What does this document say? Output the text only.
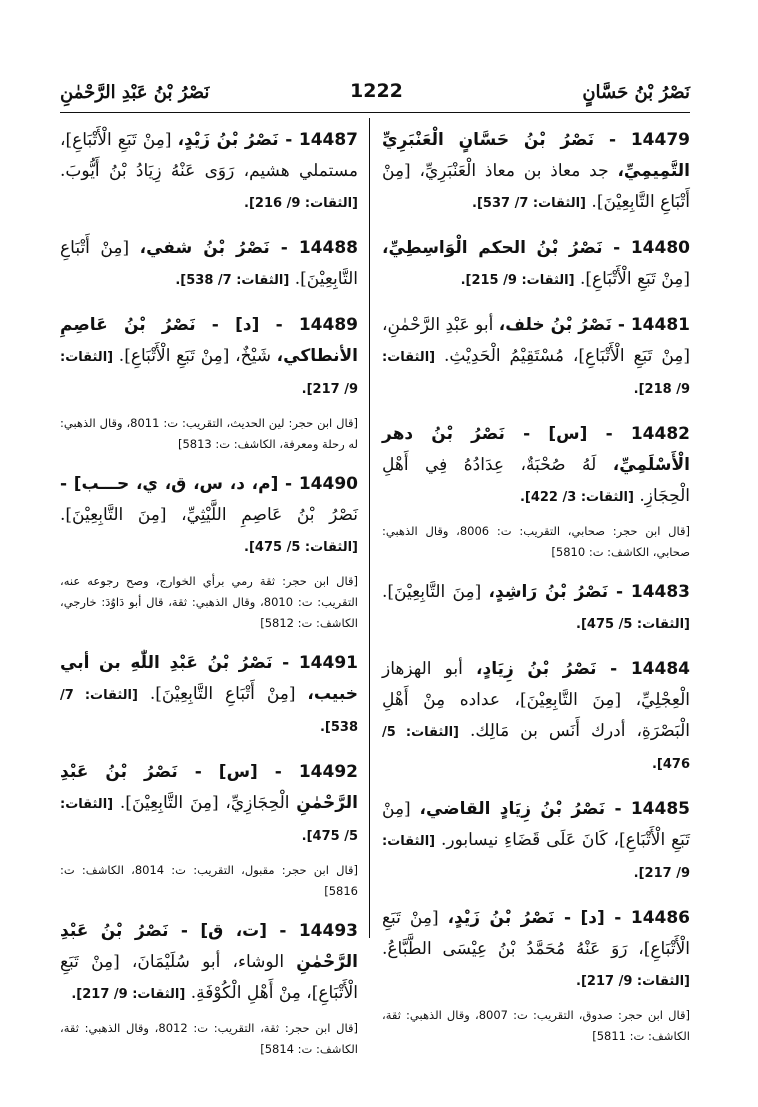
نَصْرُ بْنُ حَسَّانٍ
1222
نَصْرُ بْنُ عَبْدِ الرَّحْمٰنِ
14479 - نَصْرُ بْنُ حَسَّانٍ الْعَنْبَرِيِّ التَّمِيمِيِّ، جد معاذ بن معاذ الْعَنْبَرِيِّ، [مِنْ أَتْبَاعِ التَّابِعِيْنَ]. [الثقات: 7/ 537].
14480 - نَصْرُ بْنُ الحكم الْوَاسِطِيِّ، [مِنْ تَبَعِ الْأَتْبَاعِ]. [الثقات: 9/ 215].
14481 - نَصْرُ بْنُ خلف، أبو عَبْدِ الرَّحْمٰنِ، [مِنْ تَبَعِ الْأَتْبَاعِ]، مُسْتَقِيْمُ الْحَدِيْثِ. [الثقات: 9/ 218].
14482 - [س] - نَصْرُ بْنُ دهر الْأَسْلَمِيِّ، لَهُ صُحْبَةٌ، عِدَادُهُ فِي أَهْلِ الْحِجَازِ. [الثقات: 3/ 422].
[قال ابن حجر: صحابي، التقريب: ت: 8006، وقال الذهبي: صحابي، الكاشف: ت: 5810]
14483 - نَصْرُ بْنُ رَاشِدٍ، [مِنَ التَّابِعِيْنَ]. [الثقات: 5/ 475].
14484 - نَصْرُ بْنُ زِيَادٍ، أبو الهزهاز الْعِجْلِيِّ، [مِنَ التَّابِعِيْنَ]، عداده مِنْ أَهْلِ الْبَصْرَةِ، أدرك أَنَس بن مَالِك. [الثقات: 5/ 476].
14485 - نَصْرُ بْنُ زِيَادٍ القاضي، [مِنْ تَبَعِ الْأَتْبَاعِ]، كَانَ عَلَى قَضَاءِ نيسابور. [الثقات: 9/ 217].
14486 - [د] - نَصْرُ بْنُ زَيْدٍ، [مِنْ تَبَعِ الْأَتْبَاعِ]، رَوَ عَنْهُ مُحَمَّدُ بْنُ عِيْسَى الطَّبَّاعُ. [الثقات: 9/ 217].
[قال ابن حجر: صدوق، التقريب: ت: 8007، وقال الذهبي: ثقة، الكاشف: ت: 5811]
14487 - نَصْرُ بْنُ زَيْدٍ، [مِنْ تَبَعِ الْأَتْبَاعِ]، مستملي هشيم، رَوَى عَنْهُ زِيَادُ بْنُ أَيُّوبَ. [الثقات: 9/ 216].
14488 - نَصْرُ بْنُ شفي، [مِنْ أَتْبَاعِ التَّابِعِيْنَ]. [الثقات: 7/ 538].
14489 - [د] - نَصْرُ بْنُ عَاصِمِ الأنطاكي، شَيْخٌ، [مِنْ تَبَعِ الْأَتْبَاعِ]. [الثقات: 9/ 217].
[قال ابن حجر: لين الحديث، التقريب: ت: 8011، وقال الذهبي: له رحلة ومعرفة، الكاشف: ت: 5813]
14490 - [م، د، س، ق، ي، حـــب] - نَصْرُ بْنُ عَاصِمِ اللَّيْثِيِّ، [مِنَ التَّابِعِيْنَ]. [الثقات: 5/ 475].
[قال ابن حجر: ثقة رمي برأي الخوارج، وصح رجوعه عنه، التقريب: ت: 8010، وقال الذهبي: ثقة، قال أبو دَاوُدَ: خارجي، الكاشف: ت: 5812]
14491 - نَصْرُ بْنُ عَبْدِ اللّٰهِ بن أبي خبيب، [مِنْ أَتْبَاعِ التَّابِعِيْنَ]. [الثقات: 7/ 538].
14492 - [س] - نَصْرُ بْنُ عَبْدِ الرَّحْمٰنِ الْحِجَازِيِّ، [مِنَ التَّابِعِيْنَ]. [الثقات: 5/ 475].
[قال ابن حجر: مقبول، التقريب: ت: 8014، الكاشف: ت: 5816]
14493 - [ت، ق] - نَصْرُ بْنُ عَبْدِ الرَّحْمٰنِ الوشاء، أبو سُلَيْمَانَ، [مِنْ تَبَعِ الْأَتْبَاعِ]، مِنْ أَهْلِ الْكُوْفَةِ. [الثقات: 9/ 217].
[قال ابن حجر: ثقة، التقريب: ت: 8012، وقال الذهبي: ثقة، الكاشف: ت: 5814]
